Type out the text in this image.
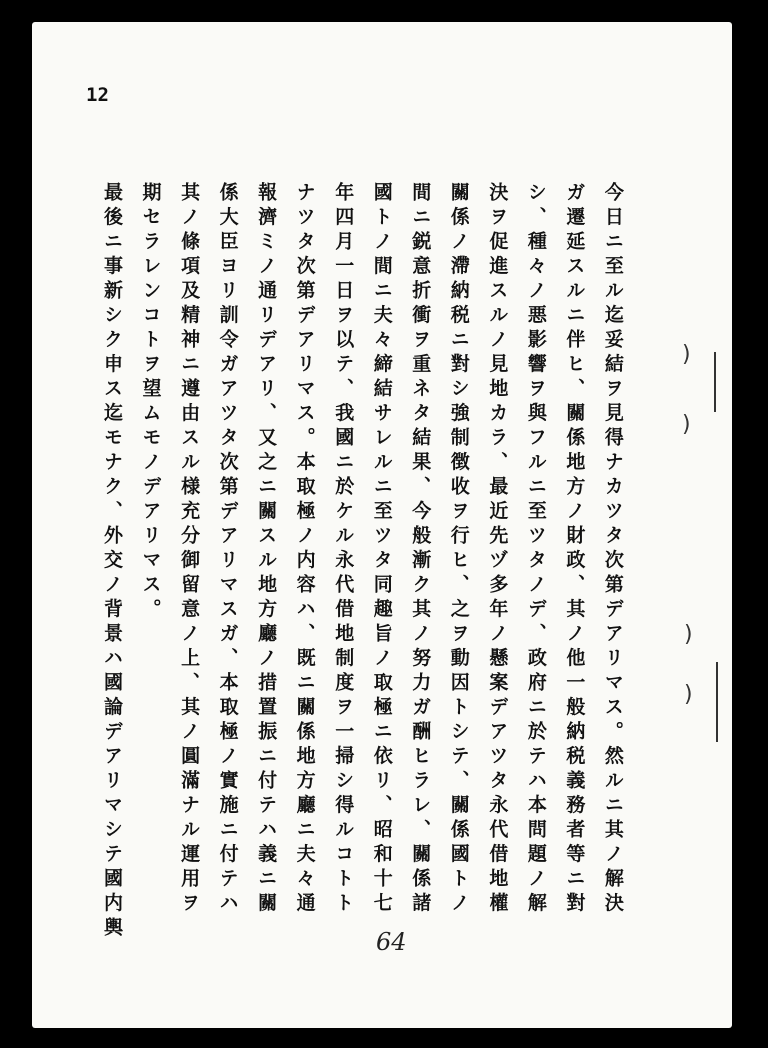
12
今日ニ至ル迄妥結ヲ見得ナカツタ次第デアリマス。然ルニ其ノ解決
ガ遷延スルニ伴ヒ、關係地方ノ財政、其ノ他一般納税義務者等ニ對
シ、種々ノ悪影響ヲ與フルニ至ツタノデ、政府ニ於テハ本問題ノ解
決ヲ促進スルノ見地カラ、最近先ヅ多年ノ懸案デアツタ永代借地權
關係ノ滯納税ニ對シ強制徴收ヲ行ヒ、之ヲ動因トシテ、關係國トノ
間ニ鋭意折衝ヲ重ネタ結果、今般漸ク其ノ努力ガ酬ヒラレ、關係諸
國トノ間ニ夫々締結サレルニ至ツタ同趣旨ノ取極ニ依リ、昭和十七
年四月一日ヲ以テ、我國ニ於ケル永代借地制度ヲ一掃シ得ルコトト
ナツタ次第デアリマス。本取極ノ内容ハ、既ニ關係地方廳ニ夫々通
報濟ミノ通リデアリ、又之ニ關スル地方廳ノ措置振ニ付テハ義ニ關
係大臣ヨリ訓令ガアツタ次第デアリマスガ、本取極ノ實施ニ付テハ
其ノ條項及精神ニ遵由スル様充分御留意ノ上、其ノ圓滿ナル運用ヲ
期セラレンコトヲ望ムモノデアリマス。
最後ニ事新シク申ス迄モナク、外交ノ背景ハ國論デアリマシテ國内輿
64
)
)
)
)
